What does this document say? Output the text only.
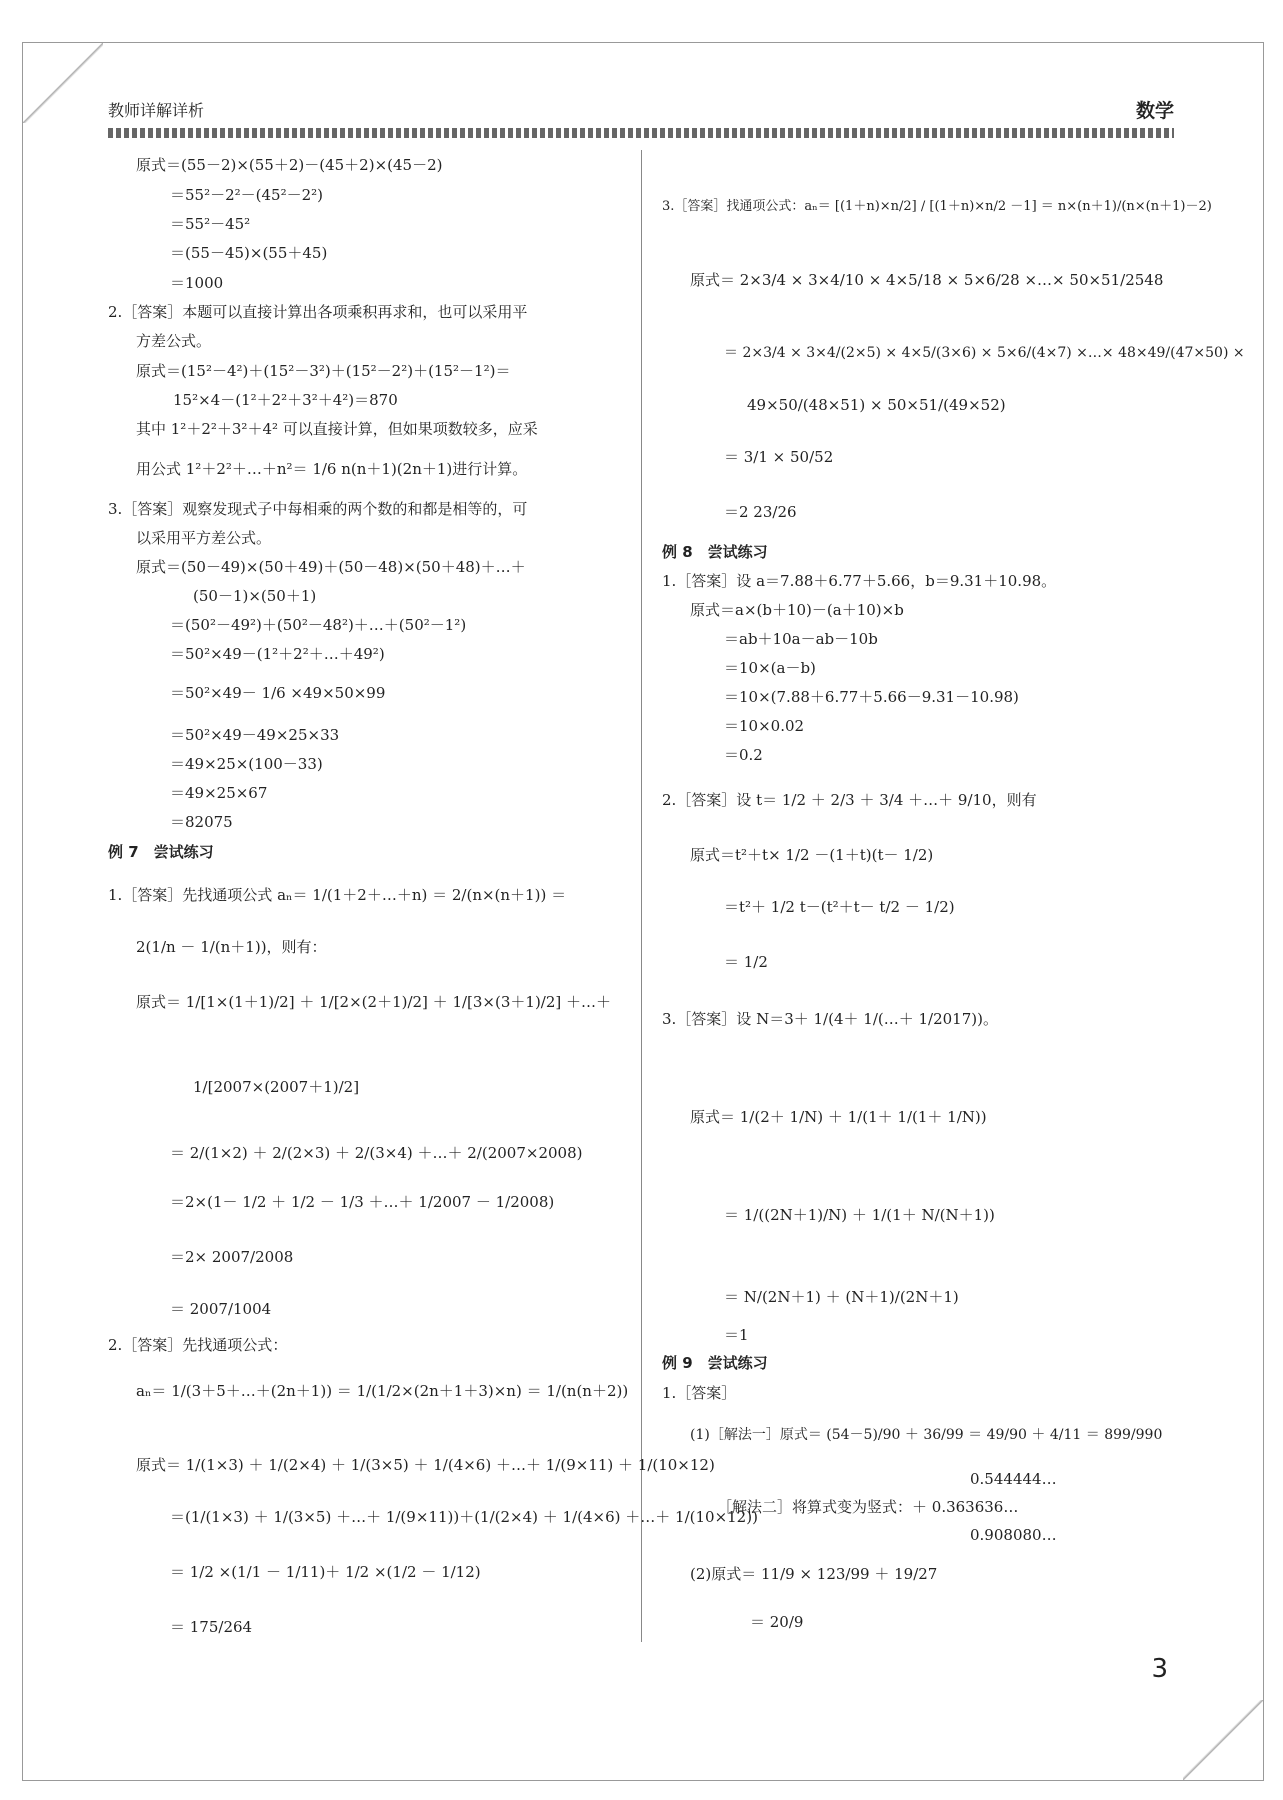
教师详解详析	数学
原式＝(55－2)×(55＋2)－(45＋2)×(45－2)
＝55²－2²－(45²－2²)
＝55²－45²
＝(55－45)×(55＋45)
＝1000
2.［答案］本题可以直接计算出各项乘积再求和，也可以采用平
方差公式。
原式＝(15²－4²)＋(15²－3²)＋(15²－2²)＋(15²－1²)＝
15²×4－(1²＋2²＋3²＋4²)＝870
其中 1²＋2²＋3²＋4² 可以直接计算，但如果项数较多，应采
用公式 1²＋2²＋…＋n²＝ 1/6 n(n＋1)(2n＋1)进行计算。
3.［答案］观察发现式子中每相乘的两个数的和都是相等的，可
以采用平方差公式。
原式＝(50－49)×(50＋49)＋(50－48)×(50＋48)＋…＋
(50－1)×(50＋1)
＝(50²－49²)＋(50²－48²)＋…＋(50²－1²)
＝50²×49－(1²＋2²＋…＋49²)
＝50²×49－ 1/6 ×49×50×99
＝50²×49－49×25×33
＝49×25×(100－33)
＝49×25×67
＝82075
例 7　尝试练习
1.［答案］先找通项公式 aₙ＝ 1/(1＋2＋…＋n) ＝ 2/(n×(n＋1)) ＝
2(1/n － 1/(n＋1))，则有：
原式＝ 1/[1×(1＋1)/2] ＋ 1/[2×(2＋1)/2] ＋ 1/[3×(3＋1)/2] ＋…＋
1/[2007×(2007＋1)/2]
＝ 2/(1×2) ＋ 2/(2×3) ＋ 2/(3×4) ＋…＋ 2/(2007×2008)
＝2×(1－ 1/2 ＋ 1/2 － 1/3 ＋…＋ 1/2007 － 1/2008)
＝2× 2007/2008
＝ 2007/1004
2.［答案］先找通项公式：
aₙ＝ 1/(3＋5＋…＋(2n＋1)) ＝ 1/(1/2×(2n＋1＋3)×n) ＝ 1/(n(n＋2))
原式＝ 1/(1×3) ＋ 1/(2×4) ＋ 1/(3×5) ＋ 1/(4×6) ＋…＋ 1/(9×11) ＋ 1/(10×12)
＝(1/(1×3) ＋ 1/(3×5) ＋…＋ 1/(9×11))＋(1/(2×4) ＋ 1/(4×6) ＋…＋ 1/(10×12))
＝ 1/2 ×(1/1 － 1/11)＋ 1/2 ×(1/2 － 1/12)
＝ 175/264
3.［答案］找通项公式：aₙ＝ [(1＋n)×n/2] / [(1＋n)×n/2 －1] ＝ n×(n＋1)/(n×(n＋1)－2)
原式＝ 2×3/4 × 3×4/10 × 4×5/18 × 5×6/28 ×…× 50×51/2548
＝ 2×3/4 × 3×4/(2×5) × 4×5/(3×6) × 5×6/(4×7) ×…× 48×49/(47×50) ×
49×50/(48×51) × 50×51/(49×52)
＝ 3/1 × 50/52
＝2 23/26
例 8　尝试练习
1.［答案］设 a＝7.88＋6.77＋5.66，b＝9.31＋10.98。
原式＝a×(b＋10)－(a＋10)×b
＝ab＋10a－ab－10b
＝10×(a－b)
＝10×(7.88＋6.77＋5.66－9.31－10.98)
＝10×0.02
＝0.2
2.［答案］设 t＝ 1/2 ＋ 2/3 ＋ 3/4 ＋…＋ 9/10，则有
原式＝t²＋t× 1/2 －(1＋t)(t－ 1/2)
＝t²＋ 1/2 t－(t²＋t－ t/2 － 1/2)
＝ 1/2
3.［答案］设 N＝3＋ 1/(4＋ 1/(…＋ 1/2017))。
原式＝ 1/(2＋ 1/N) ＋ 1/(1＋ 1/(1＋ 1/N))
＝ 1/((2N＋1)/N) ＋ 1/(1＋ N/(N＋1))
＝ N/(2N＋1) ＋ (N＋1)/(2N＋1)
＝1
例 9　尝试练习
1.［答案］
(1)［解法一］原式＝ (54－5)/90 ＋ 36/99 ＝ 49/90 ＋ 4/11 ＝ 899/990
0.544444…
［解法二］将算式变为竖式：＋ 0.363636…
0.908080…
(2)原式＝ 11/9 × 123/99 ＋ 19/27
＝ 20/9
3
